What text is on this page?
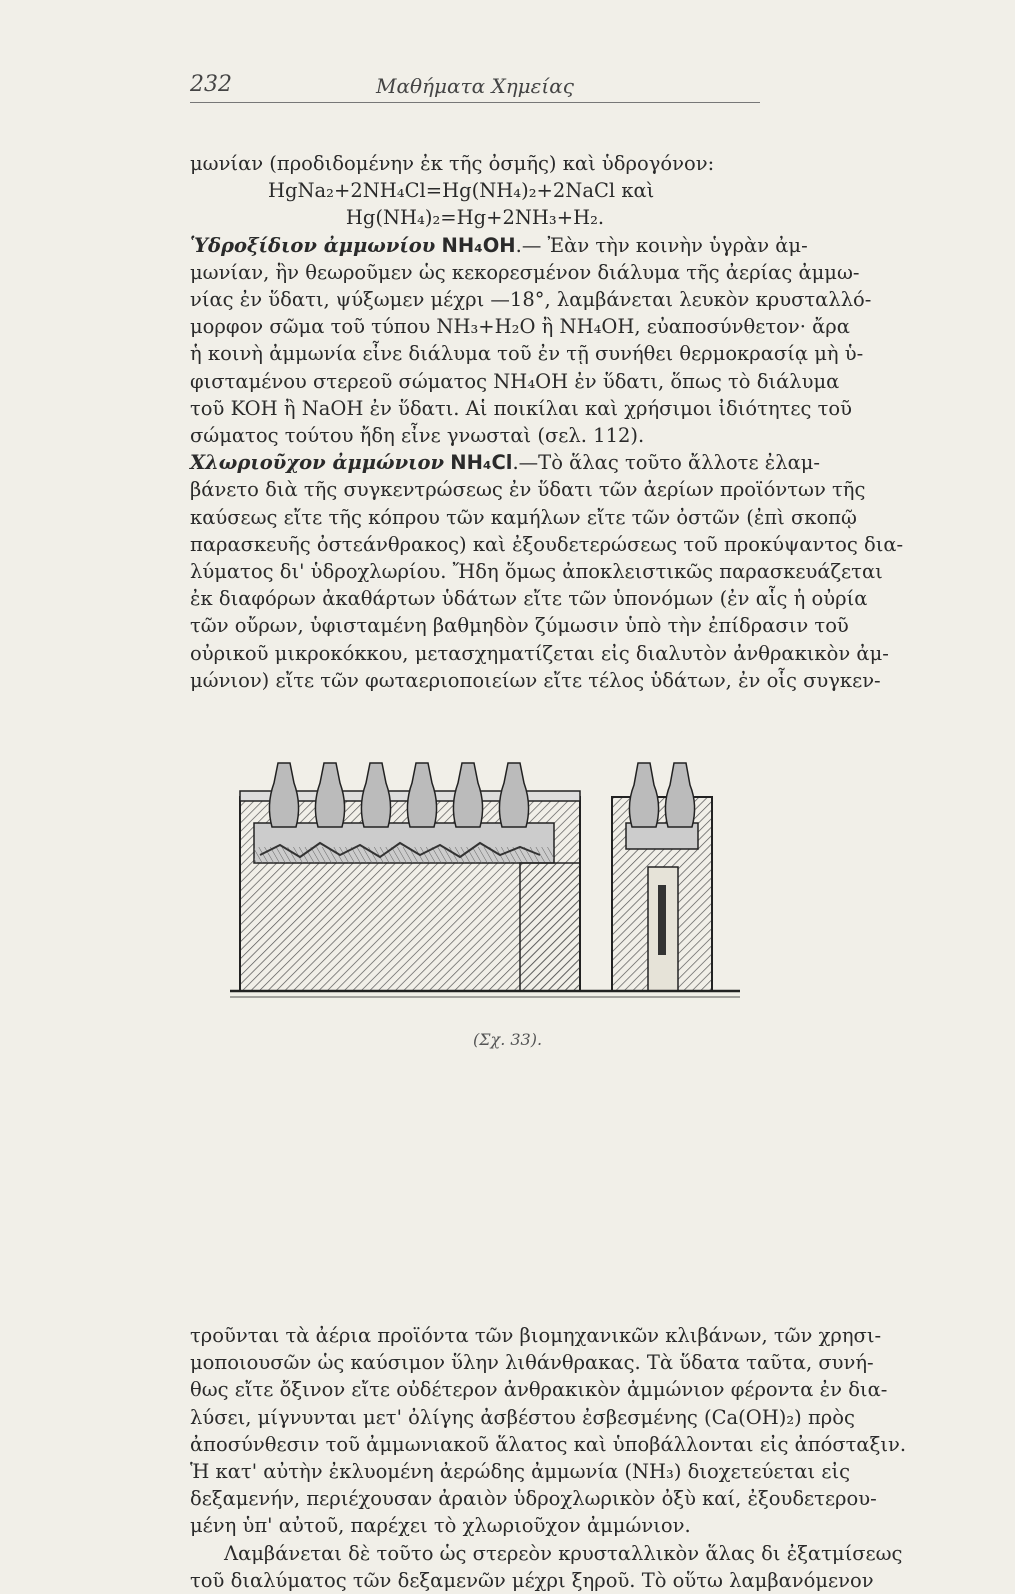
232	Μαθήματα Χημείας
μωνίαν (προδιδομένην ἐκ τῆς ὀσμῆς) καὶ ὑδρογόνον:
HgNa₂+2NH₄Cl=Hg(NH₄)₂+2NaCl καὶ
Hg(NH₄)₂=Hg+2NH₃+H₂.
Ὑδροξίδιον ἀμμωνίου NH₄OH.— Ἐὰν τὴν κοινὴν ὑγρὰν ἀμ-
μωνίαν, ἣν θεωροῦμεν ὡς κεκορεσμένον διάλυμα τῆς ἀερίας ἀμμω-
νίας ἐν ὕδατι, ψύξωμεν μέχρι —18°, λαμβάνεται λευκὸν κρυσταλλό-
μορφον σῶμα τοῦ τύπου NH₃+H₂O ἢ NH₄OH, εὐαποσύνθετον· ἄρα
ἡ κοινὴ ἀμμωνία εἶνε διάλυμα τοῦ ἐν τῇ συνήθει θερμοκρασίᾳ μὴ ὑ-
φισταμένου στερεοῦ σώματος NH₄OH ἐν ὕδατι, ὅπως τὸ διάλυμα
τοῦ KOH ἢ NaOH ἐν ὕδατι. Αἱ ποικίλαι καὶ χρήσιμοι ἰδιότητες τοῦ
σώματος τούτου ἤδη εἶνε γνωσταὶ (σελ. 112).
Χλωριοῦχον ἀμμώνιον NH₄Cl.—Τὸ ἅλας τοῦτο ἄλλοτε ἐλαμ-
βάνετο διὰ τῆς συγκεντρώσεως ἐν ὕδατι τῶν ἀερίων προϊόντων τῆς
καύσεως εἴτε τῆς κόπρου τῶν καμήλων εἴτε τῶν ὀστῶν (ἐπὶ σκοπῷ
παρασκευῆς ὀστεάνθρακος) καὶ ἐξουδετερώσεως τοῦ προκύψαντος δια-
λύματος δι' ὑδροχλωρίου. Ἤδη ὅμως ἀποκλειστικῶς παρασκευάζεται
ἐκ διαφόρων ἀκαθάρτων ὑδάτων εἴτε τῶν ὑπονόμων (ἐν αἷς ἡ οὐρία
τῶν οὔρων, ὑφισταμένη βαθμηδὸν ζύμωσιν ὑπὸ τὴν ἐπίδρασιν τοῦ
οὐρικοῦ μικροκόκκου, μετασχηματίζεται εἰς διαλυτὸν ἀνθρακικὸν ἀμ-
μώνιον) εἴτε τῶν φωταεριοποιείων εἴτε τέλος ὑδάτων, ἐν οἷς συγκεν-
(Σχ. 33).
τροῦνται τὰ ἀέρια προϊόντα τῶν βιομηχανικῶν κλιβάνων, τῶν χρησι-
μοποιουσῶν ὡς καύσιμον ὕλην λιθάνθρακας. Τὰ ὕδατα ταῦτα, συνή-
θως εἴτε ὄξινον εἴτε οὐδέτερον ἀνθρακικὸν ἀμμώνιον φέροντα ἐν δια-
λύσει, μίγνυνται μετ' ὀλίγης ἀσβέστου ἐσβεσμένης (Ca(OH)₂) πρὸς
ἀποσύνθεσιν τοῦ ἀμμωνιακοῦ ἅλατος καὶ ὑποβάλλονται εἰς ἀπόσταξιν.
Ἡ κατ' αὐτὴν ἐκλυομένη ἀερώδης ἀμμωνία (NH₃) διοχετεύεται εἰς
δεξαμενήν, περιέχουσαν ἀραιὸν ὑδροχλωρικὸν ὀξὺ καί, ἐξουδετερου-
μένη ὑπ' αὐτοῦ, παρέχει τὸ χλωριοῦχον ἀμμώνιον.
Λαμβάνεται δὲ τοῦτο ὡς στερεὸν κρυσταλλικὸν ἅλας δι ἐξατμίσεως
τοῦ διαλύματος τῶν δεξαμενῶν μέχρι ξηροῦ. Τὸ οὕτω λαμβανόμενον
